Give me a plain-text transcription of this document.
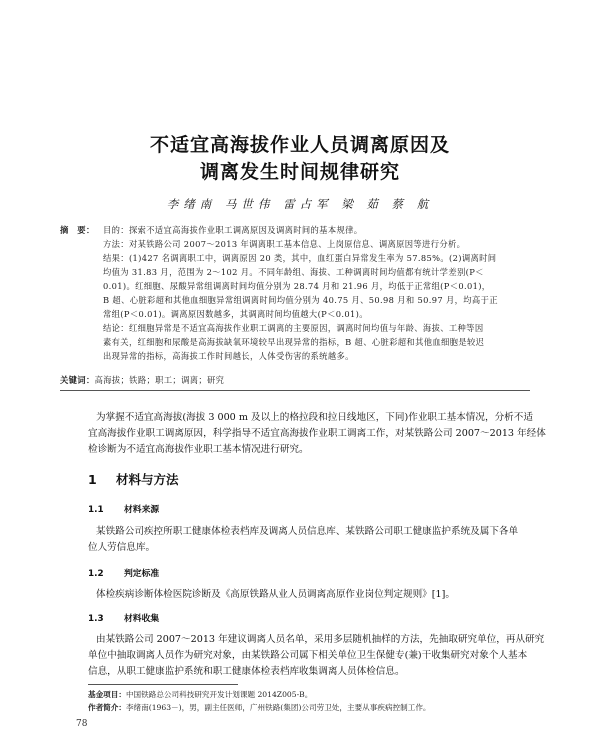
不适宜高海拔作业人员调离原因及
调离发生时间规律研究
李绪南 马世伟 雷占军 梁 茹 蔡 航
摘　要： 目的：探索不适宜高海拔作业职工调离原因及调离时间的基本规律。
方法：对某铁路公司 2007～2013 年调离职工基本信息、上岗原信息、调离原因等进行分析。
结果：(1)427 名调离职工中，调离原因 20 类，其中，血红蛋白异常发生率为 57.85%。(2)调离时间
均值为 31.83 月，范围为 2～102 月。不同年龄组、海拔、工种调离时间均值都有统计学差别(P＜
0.01)。红细胞、尿酸异常组调离时间均值分别为 28.74 月和 21.96 月，均低于正常组(P＜0.01)，
B 超、心脏彩超和其他血细胞异常组调离时间均值分别为 40.75 月、50.98 月和 50.97 月，均高于正
常组(P＜0.01)。调离原因数越多，其调离时间均值越大(P＜0.01)。
结论：红细胞异常是不适宜高海拔作业职工调离的主要原因，调离时间均值与年龄、海拔、工种等因
素有关，红细胞和尿酸是高海拔缺氧环境较早出现异常的指标，B 超、心脏彩超和其他血细胞是较迟
出现异常的指标，高海拔工作时间越长，人体受伤害的系统越多。
关键词：高海拔；铁路；职工；调离；研究
为掌握不适宜高海拔(海拔 3 000 m 及以上的格拉段和拉日线地区，下同)作业职工基本情况，分析不适
宜高海拔作业职工调离原因，科学指导不适宜高海拔作业职工调离工作，对某铁路公司 2007～2013 年经体
检诊断为不适宜高海拔作业职工基本情况进行研究。
1 材料与方法
1.1 材料来源
某铁路公司疾控所职工健康体检表档库及调离人员信息库、某铁路公司职工健康监护系统及属下各单
位人劳信息库。
1.2 判定标准
体检疾病诊断体检医院诊断及《高原铁路从业人员调离高原作业岗位判定规则》[1]。
1.3 材料收集
由某铁路公司 2007～2013 年建议调离人员名单，采用多层随机抽样的方法，先抽取研究单位，再从研究
单位中抽取调离人员作为研究对象，由某铁路公司属下相关单位卫生保健专(兼)干收集研究对象个人基本
信息，从职工健康监护系统和职工健康体检表档库收集调离人员体检信息。
基金项目：中国铁路总公司科技研究开发计划课题 2014Z005-B。
作者简介：李绪南(1963－)，男，副主任医师，广州铁路(集团)公司劳卫处，主要从事疾病控制工作。
78
